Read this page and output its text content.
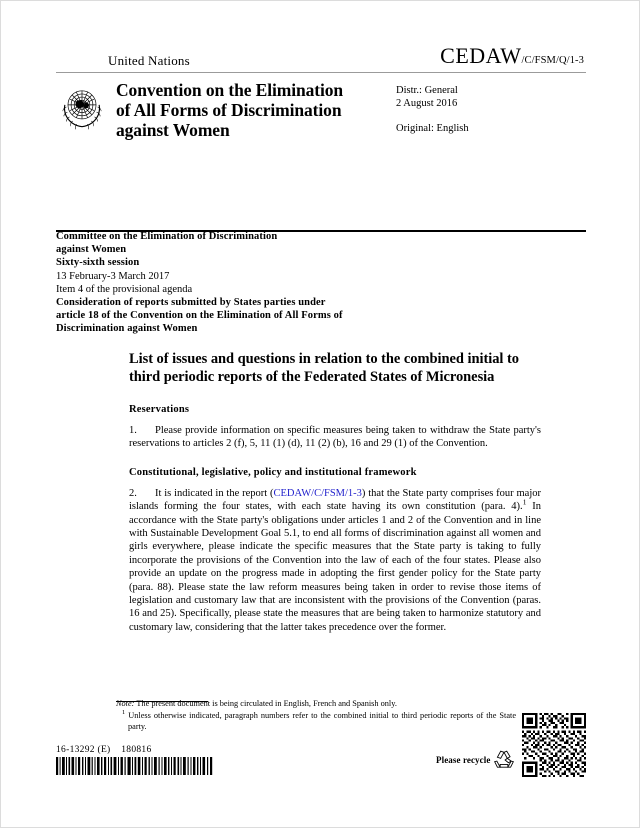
United Nations	CEDAW/C/FSM/Q/1-3
Convention on the Elimination
of All Forms of Discrimination
against Women
Distr.: General
2 August 2016
Original: English
Committee on the Elimination of Discrimination
against Women
Sixty-sixth session
13 February-3 March 2017
Item 4 of the provisional agenda
Consideration of reports submitted by States parties under
article 18 of the Convention on the Elimination of All Forms of
Discrimination against Women
List of issues and questions in relation to the combined initial to third periodic reports of the Federated States of Micronesia
Reservations

1. Please provide information on specific measures being taken to withdraw the State party's reservations to articles 2 (f), 5, 11 (1) (d), 11 (2) (b), 16 and 29 (1) of the Convention.

Constitutional, legislative, policy and institutional framework

2. It is indicated in the report (CEDAW/C/FSM/1-3) that the State party comprises four major islands forming the four states, with each state having its own constitution (para. 4).$^1$ In accordance with the State party's obligations under articles 1 and 2 of the Convention and in line with Sustainable Development Goal 5.1, to end all forms of discrimination against all women and girls everywhere, please indicate the specific measures that the State party is taking to fully incorporate the provisions of the Convention into the law of each of the four states. Please also provide an update on the progress made in adopting the first gender policy for the State party (para. 88). Please state the law reform measures being taken in order to revise those items of legislation and customary law that are inconsistent with the provisions of the Convention (paras. 16 and 25). Specifically, please state the measures that are being taken to harmonize statutory and customary law, considering that the latter takes precedence over the former.

Note: The present document is being circulated in English, French and Spanish only.
$^1$ Unless otherwise indicated, paragraph numbers refer to the combined initial to third periodic reports of the State party.
16-13292 (E)    180816
Please recycle
